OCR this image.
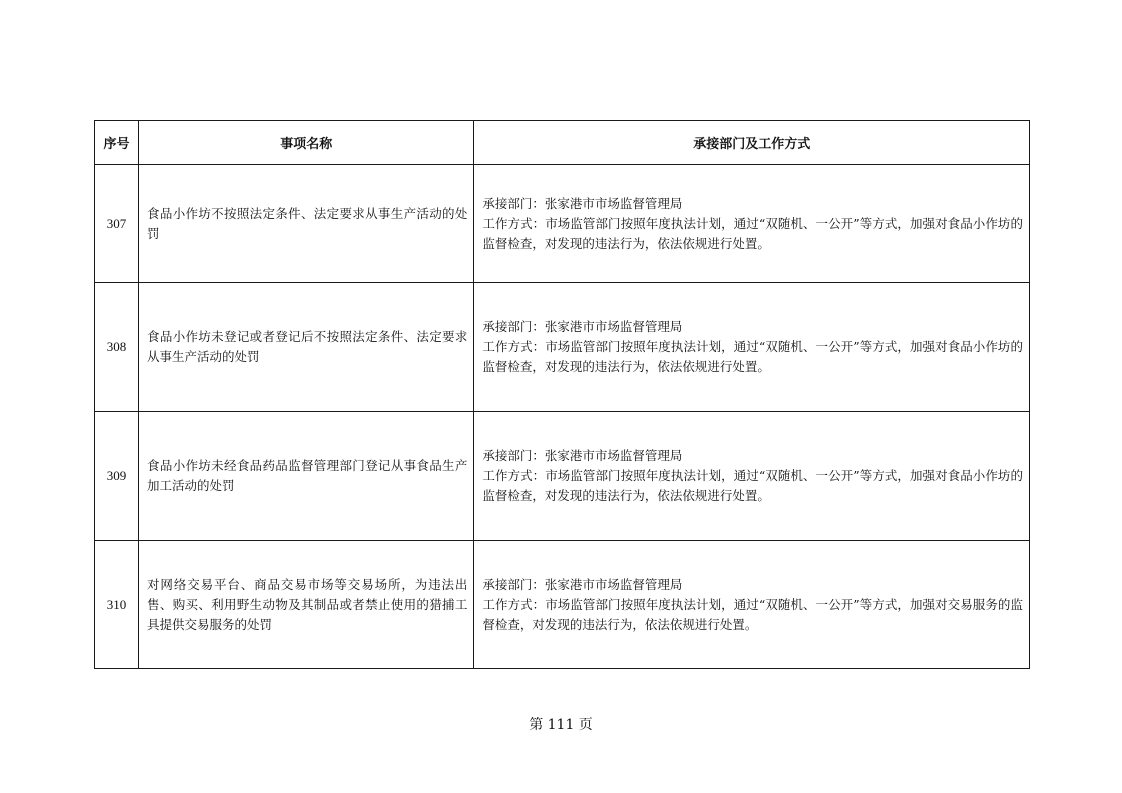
序号	事项名称	承接部门及工作方式
307	食品小作坊不按照法定条件、法定要求从事生产活动的处罚	承接部门：张家港市市场监督管理局
工作方式：市场监管部门按照年度执法计划，通过“双随机、一公开”等方式，加强对食品小作坊的监督检查，对发现的违法行为，依法依规进行处置。

308	食品小作坊未登记或者登记后不按照法定条件、法定要求从事生产活动的处罚	承接部门：张家港市市场监督管理局
工作方式：市场监管部门按照年度执法计划，通过“双随机、一公开”等方式，加强对食品小作坊的监督检查，对发现的违法行为，依法依规进行处置。

309	食品小作坊未经食品药品监督管理部门登记从事食品生产加工活动的处罚	承接部门：张家港市市场监督管理局
工作方式：市场监管部门按照年度执法计划，通过“双随机、一公开”等方式，加强对食品小作坊的监督检查，对发现的违法行为，依法依规进行处置。

310	对网络交易平台、商品交易市场等交易场所，为违法出售、购买、利用野生动物及其制品或者禁止使用的猎捕工具提供交易服务的处罚	承接部门：张家港市市场监督管理局
工作方式：市场监管部门按照年度执法计划，通过“双随机、一公开”等方式，加强对交易服务的监督检查，对发现的违法行为，依法依规进行处置。
第 111 页
